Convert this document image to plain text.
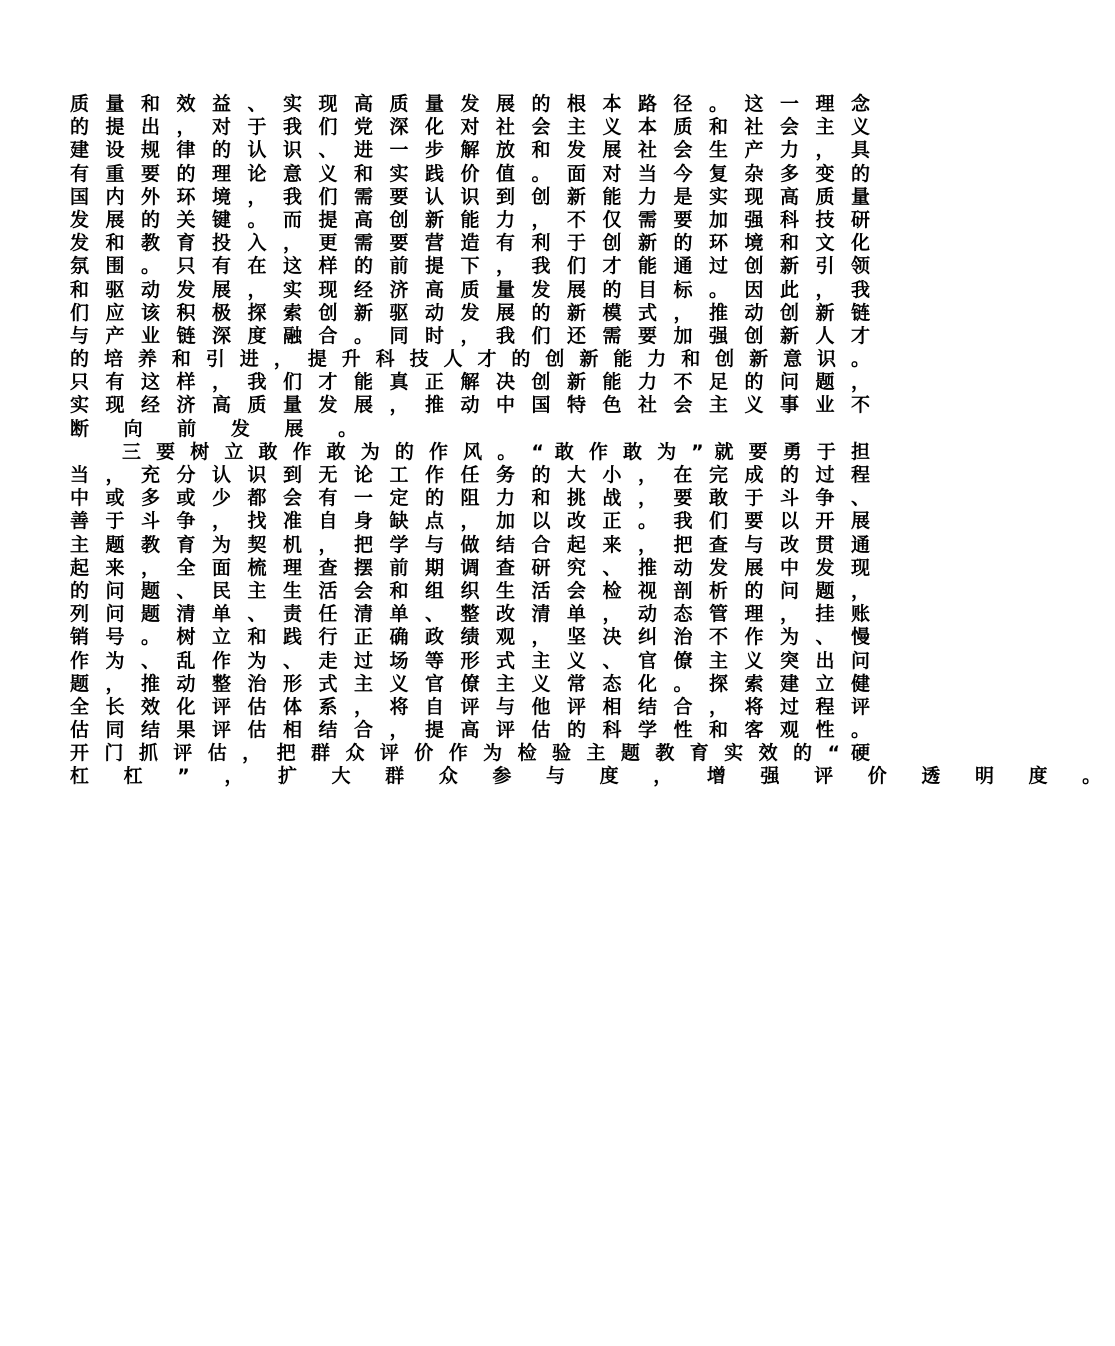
质 量 和 效 益 、 实 现 高 质 量 发 展 的 根 本 路 径 。 这 一 理 念
的 提 出 ， 对 于 我 们 党 深 化 对 社 会 主 义 本 质 和 社 会 主 义
建 设 规 律 的 认 识 、 进 一 步 解 放 和 发 展 社 会 生 产 力 ， 具
有 重 要 的 理 论 意 义 和 实 践 价 值 。 面 对 当 今 复 杂 多 变 的
国 内 外 环 境 ， 我 们 需 要 认 识 到 创 新 能 力 是 实 现 高 质 量
发 展 的 关 键 。 而 提 高 创 新 能 力 ， 不 仅 需 要 加 强 科 技 研
发 和 教 育 投 入 ， 更 需 要 营 造 有 利 于 创 新 的 环 境 和 文 化
氛 围 。 只 有 在 这 样 的 前 提 下 ， 我 们 才 能 通 过 创 新 引 领
和 驱 动 发 展 ， 实 现 经 济 高 质 量 发 展 的 目 标 。 因 此 ， 我
们 应 该 积 极 探 索 创 新 驱 动 发 展 的 新 模 式 ， 推 动 创 新 链
与 产 业 链 深 度 融 合 。 同 时 ， 我 们 还 需 要 加 强 创 新 人 才
的 培 养 和 引 进 ， 提 升 科 技 人 才 的 创 新 能 力 和 创 新 意 识 。
只 有 这 样 ， 我 们 才 能 真 正 解 决 创 新 能 力 不 足 的 问 题 ，
实 现 经 济 高 质 量 发 展 ， 推 动 中 国 特 色 社 会 主 义 事 业 不
断 向 前 发 展 。
三 要 树 立 敢 作 敢 为 的 作 风 。 “ 敢 作 敢 为 ” 就 要 勇 于 担
当 ， 充 分 认 识 到 无 论 工 作 任 务 的 大 小 ， 在 完 成 的 过 程
中 或 多 或 少 都 会 有 一 定 的 阻 力 和 挑 战 ， 要 敢 于 斗 争 、
善 于 斗 争 ， 找 准 自 身 缺 点 ， 加 以 改 正 。 我 们 要 以 开 展
主 题 教 育 为 契 机 ， 把 学 与 做 结 合 起 来 ， 把 查 与 改 贯 通
起 来 ， 全 面 梳 理 查 摆 前 期 调 查 研 究 、 推 动 发 展 中 发 现
的 问 题 、 民 主 生 活 会 和 组 织 生 活 会 检 视 剖 析 的 问 题 ，
列 问 题 清 单 、 责 任 清 单 、 整 改 清 单 ， 动 态 管 理 ， 挂 账
销 号 。 树 立 和 践 行 正 确 政 绩 观 ， 坚 决 纠 治 不 作 为 、 慢
作 为 、 乱 作 为 、 走 过 场 等 形 式 主 义 、 官 僚 主 义 突 出 问
题 ， 推 动 整 治 形 式 主 义 官 僚 主 义 常 态 化 。 探 索 建 立 健
全 长 效 化 评 估 体 系 ， 将 自 评 与 他 评 相 结 合 ， 将 过 程 评
估 同 结 果 评 估 相 结 合 ， 提 高 评 估 的 科 学 性 和 客 观 性 。
开 门 抓 评 估 ， 把 群 众 评 价 作 为 检 验 主 题 教 育 实 效 的 “ 硬
杠 杠 ” ， 扩 大 群 众 参 与 度 ， 增 强 评 价 透 明 度 。
